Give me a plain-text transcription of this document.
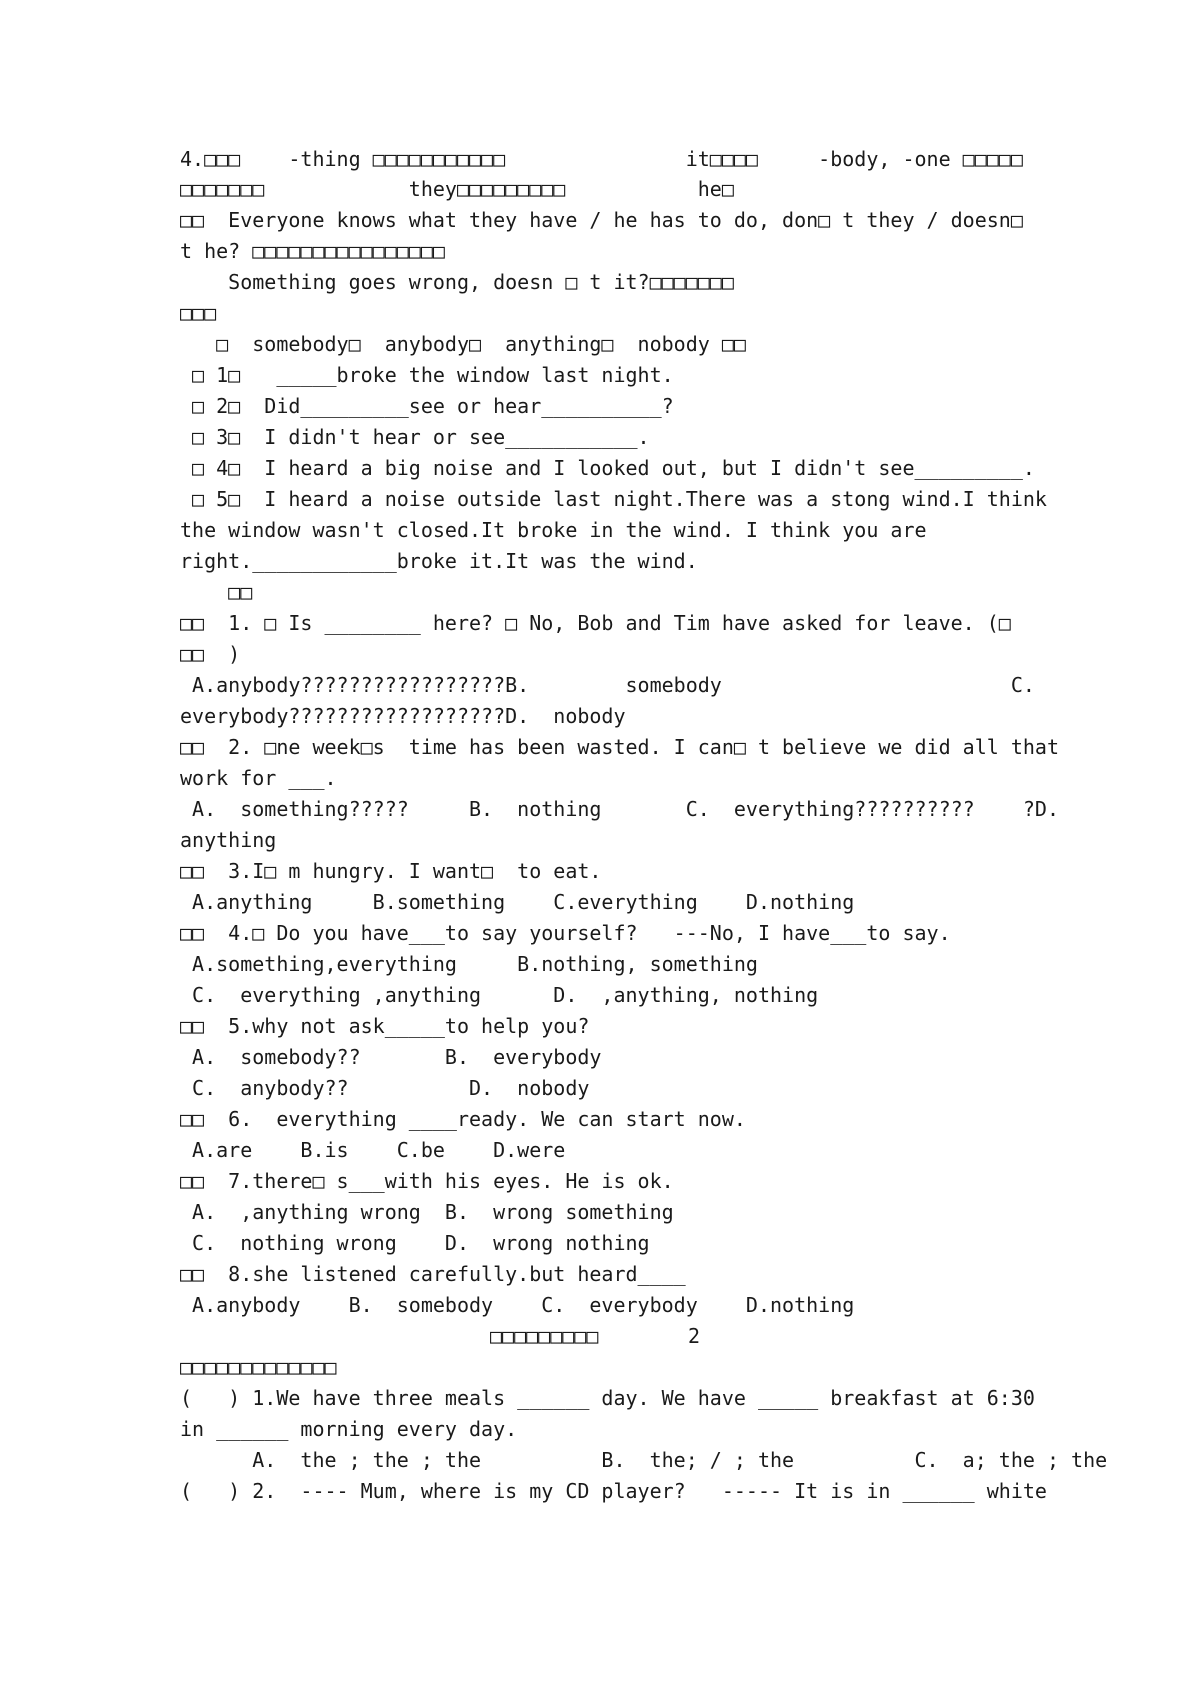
4.□□□    -thing □□□□□□□□□□□               it□□□□     -body, -one □□□□□
□□□□□□□            they□□□□□□□□□           he□
□□  Everyone knows what they have / he has to do, don□ t they / doesn□
t he? □□□□□□□□□□□□□□□□
Something goes wrong, doesn □ t it?□□□□□□□
□□□
□  somebody□  anybody□  anything□  nobody □□
□ 1□   _____broke the window last night.
□ 2□  Did_________see or hear__________?
□ 3□  I didn't hear or see___________.
□ 4□  I heard a big noise and I looked out, but I didn't see_________.
□ 5□  I heard a noise outside last night.There was a stong wind.I think
the window wasn't closed.It broke in the wind. I think you are
right.____________broke it.It was the wind.
□□
□□  1. □ Is ________ here? □ No, Bob and Tim have asked for leave. (□
□□  )
A.anybody?????????????????B.        somebody                        C.
everybody??????????????????D.  nobody
□□  2. □ne week□s  time has been wasted. I can□ t believe we did all that
work for ___.
A.  something?????     B.  nothing       C.  everything??????????    ?D.
anything
□□  3.I□ m hungry. I want□  to eat.
A.anything     B.something    C.everything    D.nothing
□□  4.□ Do you have___to say yourself?   ---No, I have___to say.
A.something,everything     B.nothing, something
C.  everything ,anything      D.  ,anything, nothing
□□  5.why not ask_____to help you?
A.  somebody??       B.  everybody
C.  anybody??          D.  nobody
□□  6.  everything ____ready. We can start now.
A.are    B.is    C.be    D.were
□□  7.there□ s___with his eyes. He is ok.
A.  ,anything wrong  B.  wrong something
C.  nothing wrong    D.  wrong nothing
□□  8.she listened carefully.but heard____
A.anybody    B.  somebody    C.  everybody    D.nothing
□□□□□□□□□	2
□□□□□□□□□□□□□
(   ) 1.We have three meals ______ day. We have _____ breakfast at 6:30
in ______ morning every day.
A.  the ; the ; the          B.  the; / ; the          C.  a; the ; the
(   ) 2.  ---- Mum, where is my CD player?   ----- It is in ______ white
